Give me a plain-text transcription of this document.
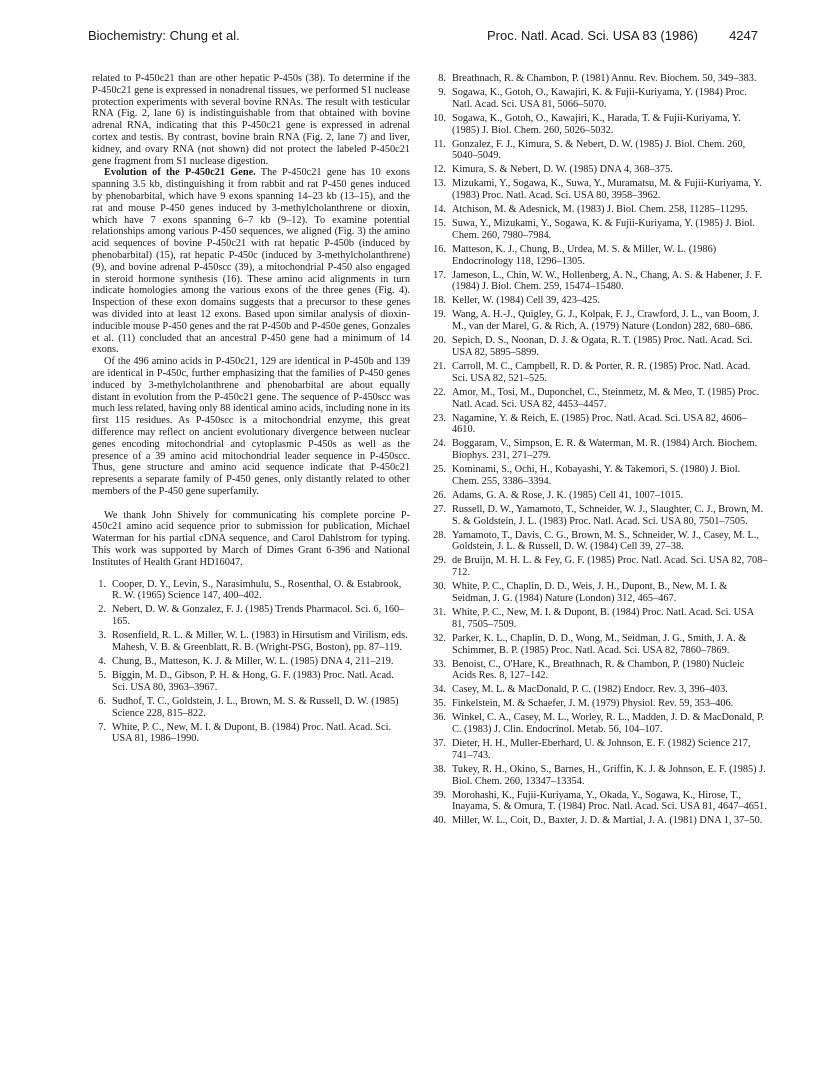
Biochemistry: Chung et al.	Proc. Natl. Acad. Sci. USA 83 (1986) 4247

related to P-450c21 than are other hepatic P-450s (38). To determine if the P-450c21 gene is expressed in nonadrenal tissues, we performed S1 nuclease protection experiments with several bovine RNAs. The result with testicular RNA (Fig. 2, lane 6) is indistinguishable from that obtained with bovine adrenal RNA, indicating that this P-450c21 gene is expressed in adrenal cortex and testis. By contrast, bovine brain RNA (Fig. 2, lane 7) and liver, kidney, and ovary RNA (not shown) did not protect the labeled P-450c21 gene fragment from S1 nuclease digestion.

Evolution of the P-450c21 Gene. The P-450c21 gene has 10 exons spanning 3.5 kb, distinguishing it from rabbit and rat P-450 genes induced by phenobarbital, which have 9 exons spanning 14–23 kb (13–15), and the rat and mouse P-450 genes induced by 3-methylcholanthrene or dioxin, which have 7 exons spanning 6–7 kb (9–12). To examine potential relationships among various P-450 sequences, we aligned (Fig. 3) the amino acid sequences of bovine P-450c21 with rat hepatic P-450b (induced by phenobarbital) (15), rat hepatic P-450c (induced by 3-methylcholanthrene) (9), and bovine adrenal P-450scc (39), a mitochondrial P-450 also engaged in steroid hormone synthesis (16). These amino acid alignments in turn indicate homologies among the various exons of the three genes (Fig. 4). Inspection of these exon domains suggests that a precursor to these genes was divided into at least 12 exons. Based upon similar analysis of dioxin-inducible mouse P-450 genes and the rat P-450b and P-450e genes, Gonzales et al. (11) concluded that an ancestral P-450 gene had a minimum of 14 exons.

Of the 496 amino acids in P-450c21, 129 are identical in P-450b and 139 are identical in P-450c, further emphasizing that the families of P-450 genes induced by 3-methylcholanthrene and phenobarbital are about equally distant in evolution from the P-450c21 gene. The sequence of P-450scc was much less related, having only 88 identical amino acids, including none in its first 115 residues. As P-450scc is a mitochondrial enzyme, this great difference may reflect on ancient evolutionary divergence between nuclear genes encoding mitochondrial and cytoplasmic P-450s as well as the presence of a 39 amino acid mitochondrial leader sequence in P-450scc. Thus, gene structure and amino acid sequence indicate that P-450c21 represents a separate family of P-450 genes, only distantly related to other members of the P-450 gene superfamily.

We thank John Shively for communicating his complete porcine P-450c21 amino acid sequence prior to submission for publication, Michael Waterman for his partial cDNA sequence, and Carol Dahlstrom for typing. This work was supported by March of Dimes Grant 6-396 and National Institutes of Health Grant HD16047.

1. Cooper, D. Y., Levin, S., Narasimhulu, S., Rosenthal, O. & Estabrook, R. W. (1965) Science 147, 400–402.

2. Nebert, D. W. & Gonzalez, F. J. (1985) Trends Pharmacol. Sci. 6, 160–165.

3. Rosenfield, R. L. & Miller, W. L. (1983) in Hirsutism and Virilism, eds. Mahesh, V. B. & Greenblatt, R. B. (Wright-PSG, Boston), pp. 87–119.

4. Chung, B., Matteson, K. J. & Miller, W. L. (1985) DNA 4, 211–219.

5. Biggin, M. D., Gibson, P. H. & Hong, G. F. (1983) Proc. Natl. Acad. Sci. USA 80, 3963–3967.

6. Sudhof, T. C., Goldstein, J. L., Brown, M. S. & Russell, D. W. (1985) Science 228, 815–822.

7. White, P. C., New, M. I. & Dupont, B. (1984) Proc. Natl. Acad. Sci. USA 81, 1986–1990.

8. Breathnach, R. & Chambon, P. (1981) Annu. Rev. Biochem. 50, 349–383.

9. Sogawa, K., Gotoh, O., Kawajiri, K. & Fujii-Kuriyama, Y. (1984) Proc. Natl. Acad. Sci. USA 81, 5066–5070.

10. Sogawa, K., Gotoh, O., Kawajiri, K., Harada, T. & Fujii-Kuriyama, Y. (1985) J. Biol. Chem. 260, 5026–5032.

11. Gonzalez, F. J., Kimura, S. & Nebert, D. W. (1985) J. Biol. Chem. 260, 5040–5049.

12. Kimura, S. & Nebert, D. W. (1985) DNA 4, 368–375.

13. Mizukami, Y., Sogawa, K., Suwa, Y., Muramatsu, M. & Fujii-Kuriyama, Y. (1983) Proc. Natl. Acad. Sci. USA 80, 3958–3962.

14. Atchison, M. & Adesnick, M. (1983) J. Biol. Chem. 258, 11285–11295.

15. Suwa, Y., Mizukami, Y., Sogawa, K. & Fujii-Kuriyama, Y. (1985) J. Biol. Chem. 260, 7980–7984.

16. Matteson, K. J., Chung, B., Urdea, M. S. & Miller, W. L. (1986) Endocrinology 118, 1296–1305.

17. Jameson, L., Chin, W. W., Hollenberg, A. N., Chang, A. S. & Habener, J. F. (1984) J. Biol. Chem. 259, 15474–15480.

18. Keller, W. (1984) Cell 39, 423–425.

19. Wang, A. H.-J., Quigley, G. J., Kolpak, F. J., Crawford, J. L., van Boom, J. M., van der Marel, G. & Rich, A. (1979) Nature (London) 282, 680–686.

20. Sepich, D. S., Noonan, D. J. & Ogata, R. T. (1985) Proc. Natl. Acad. Sci. USA 82, 5895–5899.

21. Carroll, M. C., Campbell, R. D. & Porter, R. R. (1985) Proc. Natl. Acad. Sci. USA 82, 521–525.

22. Amor, M., Tosi, M., Duponchel, C., Steinmetz, M. & Meo, T. (1985) Proc. Natl. Acad. Sci. USA 82, 4453–4457.

23. Nagamine, Y. & Reich, E. (1985) Proc. Natl. Acad. Sci. USA 82, 4606–4610.

24. Boggaram, V., Simpson, E. R. & Waterman, M. R. (1984) Arch. Biochem. Biophys. 231, 271–279.

25. Kominami, S., Ochi, H., Kobayashi, Y. & Takemori, S. (1980) J. Biol. Chem. 255, 3386–3394.

26. Adams, G. A. & Rose, J. K. (1985) Cell 41, 1007–1015.

27. Russell, D. W., Yamamoto, T., Schneider, W. J., Slaughter, C. J., Brown, M. S. & Goldstein, J. L. (1983) Proc. Natl. Acad. Sci. USA 80, 7501–7505.

28. Yamamoto, T., Davis, C. G., Brown, M. S., Schneider, W. J., Casey, M. L., Goldstein, J. L. & Russell, D. W. (1984) Cell 39, 27–38.

29. de Bruijn, M. H. L. & Fey, G. F. (1985) Proc. Natl. Acad. Sci. USA 82, 708–712.

30. White, P. C., Chaplin, D. D., Weis, J. H., Dupont, B., New, M. I. & Seidman, J. G. (1984) Nature (London) 312, 465–467.

31. White, P. C., New, M. I. & Dupont, B. (1984) Proc. Natl. Acad. Sci. USA 81, 7505–7509.

32. Parker, K. L., Chaplin, D. D., Wong, M., Seidman, J. G., Smith, J. A. & Schimmer, B. P. (1985) Proc. Natl. Acad. Sci. USA 82, 7860–7869.

33. Benoist, C., O'Hare, K., Breathnach, R. & Chambon, P. (1980) Nucleic Acids Res. 8, 127–142.

34. Casey, M. L. & MacDonald, P. C. (1982) Endocr. Rev. 3, 396–403.

35. Finkelstein, M. & Schaefer, J. M. (1979) Physiol. Rev. 59, 353–406.

36. Winkel, C. A., Casey, M. L., Worley, R. L., Madden, J. D. & MacDonald, P. C. (1983) J. Clin. Endocrinol. Metab. 56, 104–107.

37. Dieter, H. H., Muller-Eberhard, U. & Johnson, E. F. (1982) Science 217, 741–743.

38. Tukey, R. H., Okino, S., Barnes, H., Griffin, K. J. & Johnson, E. F. (1985) J. Biol. Chem. 260, 13347–13354.

39. Morohashi, K., Fujii-Kuriyama, Y., Okada, Y., Sogawa, K., Hirose, T., Inayama, S. & Omura, T. (1984) Proc. Natl. Acad. Sci. USA 81, 4647–4651.

40. Miller, W. L., Coit, D., Baxter, J. D. & Martial, J. A. (1981) DNA 1, 37–50.
